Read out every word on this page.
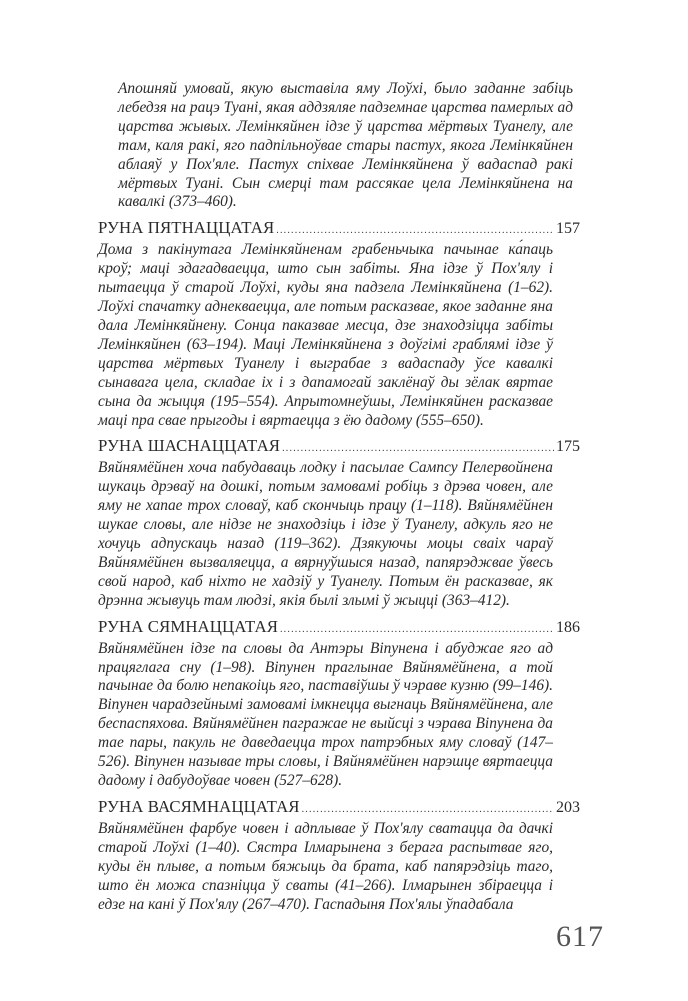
Апошняй умовай, якую выставіла яму Лоўхі, было заданне забіць лебедзя на рацэ Туані, якая аддзяляе падземнае царства памерлых ад царства жывых. Лемінкяйнен ідзе ў царства мёртвых Туанелу, але там, каля ракі, яго падпільноўвае стары пастух, якога Лемінкяйнен аблаяў у Пох'яле. Пастух спіхвае Лемінкяйнена ў вадаспад ракі мёртвых Туані. Сын смерці там рассякае цела Лемінкяйнена на кавалкі (373–460).

РУНА ПЯТНАЦЦАТАЯ .....	157

Дома з пакінутага Лемінкяйненам грабеньчыка пачынае ка́паць кроў; маці здагадваецца, што сын забіты. Яна ідзе ў Пох'ялу і пытаецца ў старой Лоўхі, куды яна падзела Лемінкяйнена (1–62). Лоўхі спачатку аднекваецца, але потым расказвае, якое заданне яна дала Лемінкяйнену. Сонца паказвае месца, дзе знаходзіцца забіты Лемінкяйнен (63–194). Маці Лемінкяйнена з доўгімі граблямі ідзе ў царства мёртвых Туанелу і выграбае з вадаспаду ўсе кавалкі сынавага цела, складае іх і з дапамогай заклёнаў ды зёлак вяртае сына да жыцця (195–554). Апрытомнеўшы, Лемінкяйнен расказвае маці пра свае прыгоды і вяртаецца з ёю дадому (555–650).

РУНА ШАСНАЦЦАТАЯ .....	175

Вяйнямёйнен хоча пабудаваць лодку і пасылае Сампсу Пелервойнена шукаць дрэваў на дошкі, потым замовамі робіць з дрэва човен, але яму не хапае трох словаў, каб скончыць працу (1–118). Вяйнямёйнен шукае словы, але нідзе не знаходзіць і ідзе ў Туанелу, адкуль яго не хочуць адпускаць назад (119–362). Дзякуючы моцы сваіх чараў Вяйнямёйнен вызваляецца, а вярнуўшыся назад, папярэджвае ўвесь свой народ, каб ніхто не хадзіў у Туанелу. Потым ён расказвае, як дрэнна жывуць там людзі, якія былі злымі ў жыцці (363–412).

РУНА СЯМНАЦЦАТАЯ .....	186

Вяйнямёйнен ідзе па словы да Антэры Віпунена і абуджае яго ад працяглага сну (1–98). Віпунен праглынае Вяйнямёйнена, а той пачынае да болю непакоіць яго, паставіўшы ў чэраве кузню (99–146). Віпунен чарадзейнымі замовамі імкнецца выгнаць Вяйнямёйнена, але беспаспяхова. Вяйнямёйнен пагражае не выйсці з чэрава Віпунена да тае пары, пакуль не даведаецца трох патрэбных яму словаў (147–526). Віпунен называе тры словы, і Вяйнямёйнен нарэшце вяртаецца дадому і дабудоўвае човен (527–628).

РУНА ВАСЯМНАЦЦАТАЯ .....	203

Вяйнямёйнен фарбуе човен і адплывае ў Пох'ялу сватацца да дачкі старой Лоўхі (1–40). Сястра Ілмарынена з берага распытвае яго, куды ён плыве, а потым бяжыць да брата, каб папярэдзіць таго, што ён можа спазніцца ў сваты (41–266). Ілмарынен збіраецца і едзе на кані ў Пох'ялу (267–470). Гаспадыня Пох'ялы ўпадабала

617
